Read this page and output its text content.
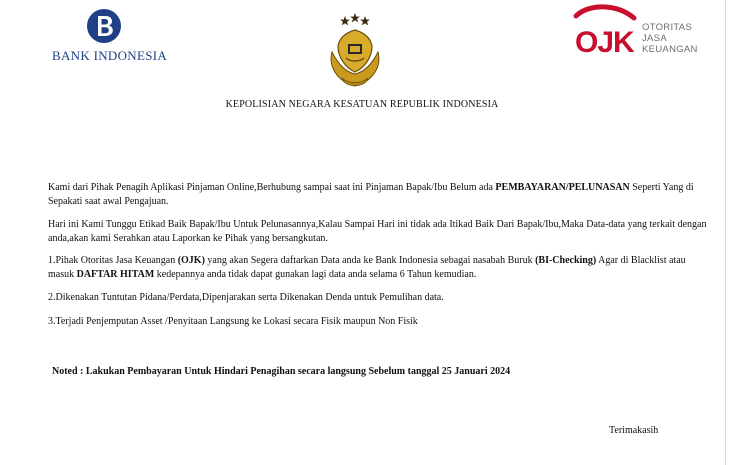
BANK INDONESIA	OJK OTORITAS
JASA
KEUANGAN
KEPOLISIAN NEGARA KESATUAN REPUBLIK INDONESIA
Kami dari Pihak Penagih Aplikasi Pinjaman Online,Berhubung sampai saat ini Pinjaman Bapak/Ibu Belum ada PEMBAYARAN/PELUNASAN Seperti Yang di Sepakati saat awal Pengajuan.
Hari ini Kami Tunggu Etikad Baik Bapak/Ibu Untuk Pelunasannya,Kalau Sampai Hari ini tidak ada Itikad Baik Dari Bapak/Ibu,Maka Data-data yang terkait dengan anda,akan kami Serahkan atau Laporkan ke Pihak yang bersangkutan.
1.Pihak Otoritas Jasa Keuangan (OJK) yang akan Segera daftarkan Data anda ke Bank Indonesia sebagai nasabah Buruk (BI-Checking) Agar di Blacklist atau masuk DAFTAR HITAM kedepannya anda tidak dapat gunakan lagi data anda selama 6 Tahun kemudian.
2.Dikenakan Tuntutan Pidana/Perdata,Dipenjarakan serta Dikenakan Denda untuk Pemulihan data.
3.Terjadi Penjemputan Asset /Penyitaan Langsung ke Lokasi secara Fisik maupun Non Fisik
Noted : Lakukan Pembayaran Untuk Hindari Penagihan secara langsung Sebelum tanggal 25 Januari 2024
Terimakasih
